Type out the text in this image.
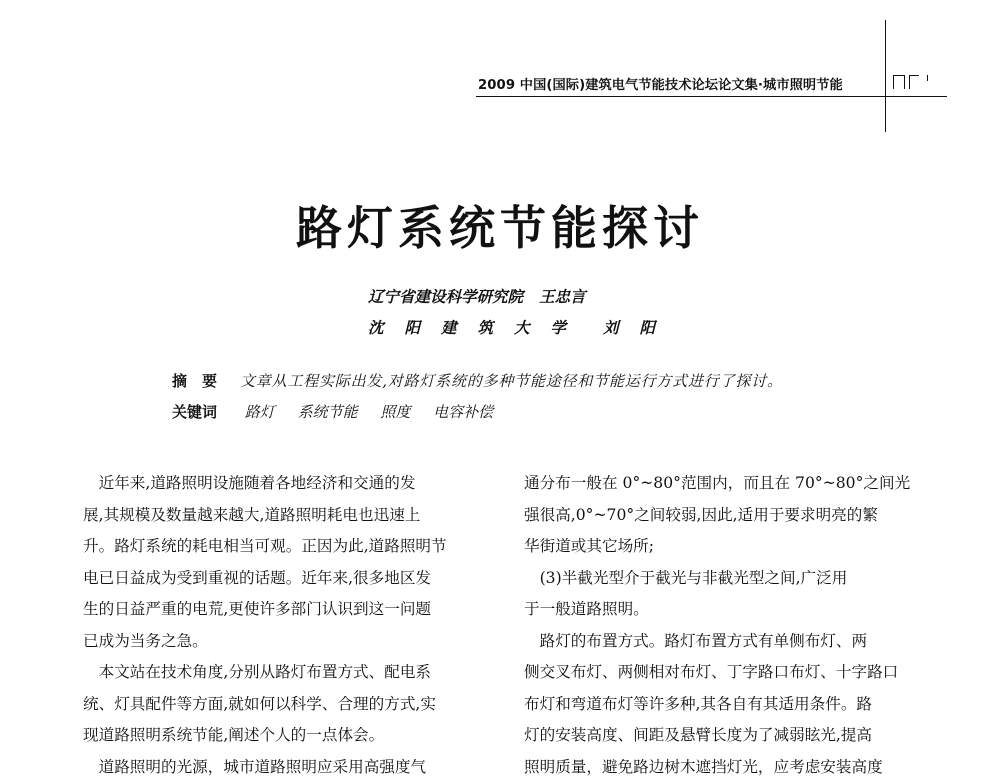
2009 中国(国际)建筑电气节能技术论坛论文集·城市照明节能
路灯系统节能探讨
辽宁省建设科学研究院 王忠言
沈阳建筑大学 刘阳
摘要 文章从工程实际出发,对路灯系统的多种节能途径和节能运行方式进行了探讨。
关键词 路灯 系统节能 照度 电容补偿
　近年来,道路照明设施随着各地经济和交通的发
展,其规模及数量越来越大,道路照明耗电也迅速上
升。路灯系统的耗电相当可观。正因为此,道路照明节
电已日益成为受到重视的话题。近年来,很多地区发
生的日益严重的电荒,更使许多部门认识到这一问题
已成为当务之急。
　本文站在技术角度,分别从路灯布置方式、配电系
统、灯具配件等方面,就如何以科学、合理的方式,实
现道路照明系统节能,阐述个人的一点体会。
　道路照明的光源，城市道路照明应采用高强度气
通分布一般在 0°~80°范围内，而且在 70°~80°之间光
强很高,0°~70°之间较弱,因此,适用于要求明亮的繁
华街道或其它场所;
　(3)半截光型介于截光与非截光型之间,广泛用
于一般道路照明。
　路灯的布置方式。路灯布置方式有单侧布灯、两
侧交叉布灯、两侧相对布灯、丁字路口布灯、十字路口
布灯和弯道布灯等许多种,其各自有其适用条件。路
灯的安装高度、间距及悬臂长度为了减弱眩光,提高
照明质量，避免路边树木遮挡灯光，应考虑安装高度
